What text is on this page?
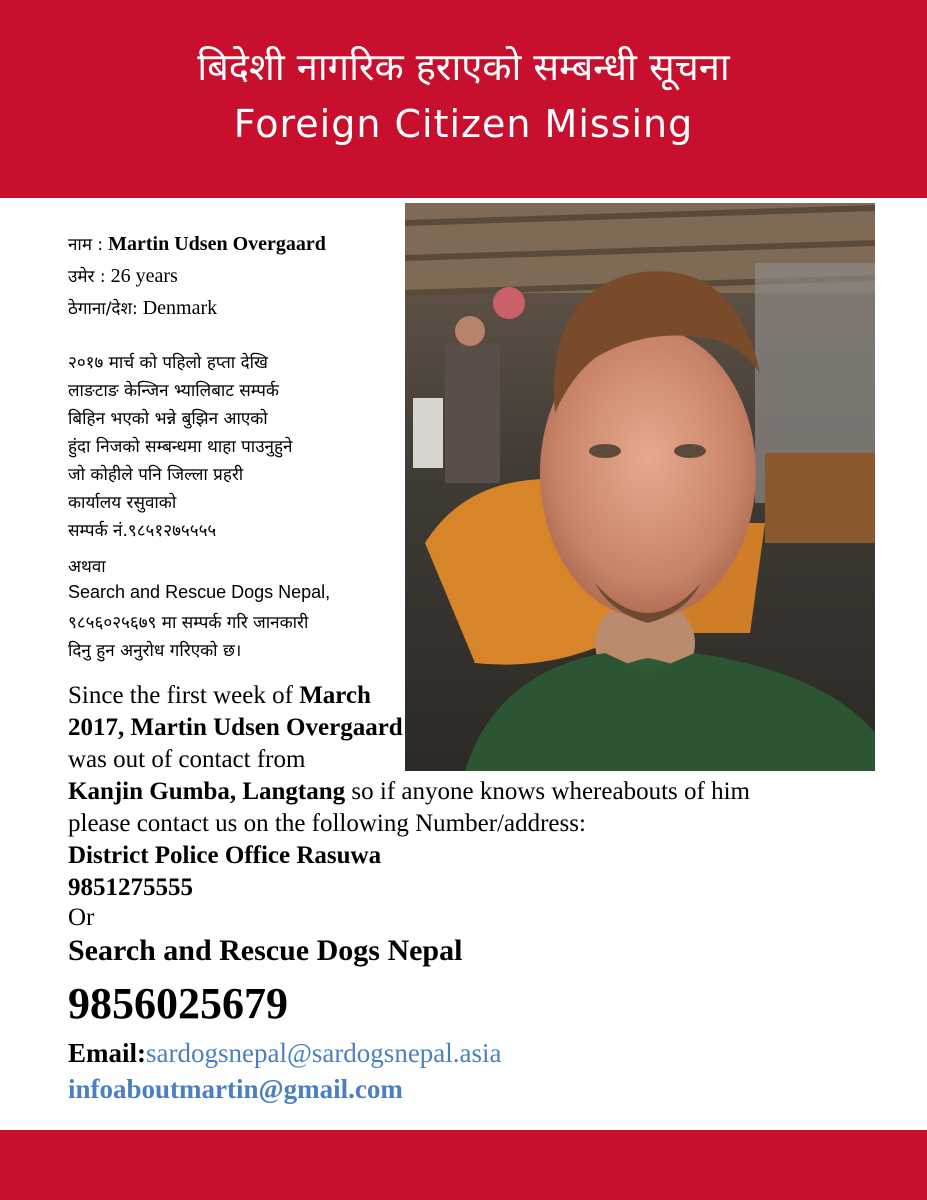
बिदेशी नागरिक हराएको सम्बन्धी सूचना
Foreign Citizen Missing
नाम : Martin Udsen Overgaard
उमेर : 26 years
ठेगाना/देश: Denmark
२०१७ मार्च को पहिलो हप्ता देखि
लाङटाङ केन्जिन भ्यालिबाट सम्पर्क
बिहिन भएको भन्ने बुझिन आएको
हुंदा निजको सम्बन्धमा थाहा पाउनुहुने
जो कोहीले पनि जिल्ला प्रहरी
कार्यालय रसुवाको
सम्पर्क नं.९८५१२७५५५५
अथवा
Search and Rescue Dogs Nepal,
९८५६०२५६७९ मा सम्पर्क गरि जानकारी
दिनु हुन अनुरोध गरिएको छ।
Since the first week of March
2017, Martin Udsen Overgaard
was out of contact from
Kanjin Gumba, Langtang so if anyone knows whereabouts of him
please contact us on the following Number/address:
District Police Office Rasuwa
9851275555
Or
Search and Rescue Dogs Nepal
9856025679
Email:sardogsnepal@sardogsnepal.asia
infoaboutmartin@gmail.com
